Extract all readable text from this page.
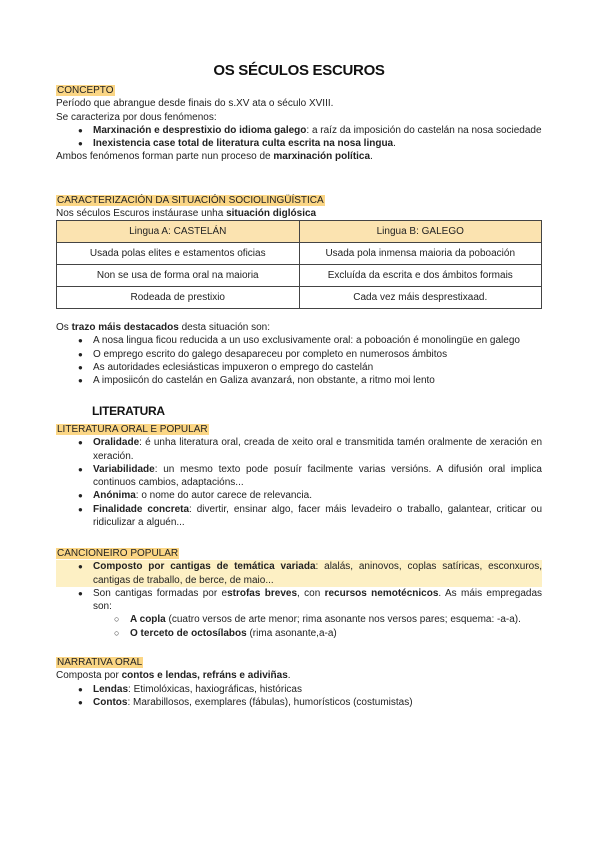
OS SÉCULOS ESCUROS
CONCEPTO
Período que abrangue desde finais do s.XV ata o século XVIII.
Se caracteriza por dous fenómenos:
● Marxinación e desprestixio do idioma galego: a raíz da imposición do castelán na nosa sociedade
● Inexistencia case total de literatura culta escrita na nosa lingua.
Ambos fenómenos forman parte nun proceso de marxinación política.
CARACTERIZACIÓN DA SITUACIÓN SOCIOLINGÜÍSTICA
Nos séculos Escuros instáurase unha situación diglósica
Lingua A: CASTELÁN	Lingua B: GALEGO
Usada polas elites e estamentos oficias	Usada pola inmensa maioria da poboación
Non se usa de forma oral na maioria	Excluída da escrita e dos ámbitos formais
Rodeada de prestixio	Cada vez máis desprestixaad.
Os trazo máis destacados desta situación son:
● A nosa lingua ficou reducida a un uso exclusivamente oral: a poboación é monolingüe en galego
● O emprego escrito do galego desapareceu por completo en numerosos ámbitos
● As autoridades eclesiásticas impuxeron o emprego do castelán
● A imposiicón do castelán en Galiza avanzará, non obstante, a ritmo moi lento
LITERATURA
LITERATURA ORAL E POPULAR
● Oralidade: é unha literatura oral, creada de xeito oral e transmitida tamén oralmente de xeración en xeración.
● Variabilidade: un mesmo texto pode posuír facilmente varias versións. A difusión oral implica continuos cambios, adaptacións...
● Anónima: o nome do autor carece de relevancia.
● Finalidade concreta: divertir, ensinar algo, facer máis levadeiro o traballo, galantear, criticar ou ridiculizar a alguén...
CANCIONEIRO POPULAR
● Composto por cantigas de temática variada: alalás, aninovos, coplas satíricas, esconxuros, cantigas de traballo, de berce, de maio...
● Son cantigas formadas por estrofas breves, con recursos nemotécnicos. As máis empregadas son:
○ A copla (cuatro versos de arte menor; rima asonante nos versos pares; esquema: -a-a).
○ O terceto de octosílabos (rima asonante,a-a)
NARRATIVA ORAL
Composta por contos e lendas, refráns e adiviñas.
● Lendas: Etimolóxicas, haxiográficas, históricas
● Contos: Marabillosos, exemplares (fábulas), humorísticos (costumistas)
